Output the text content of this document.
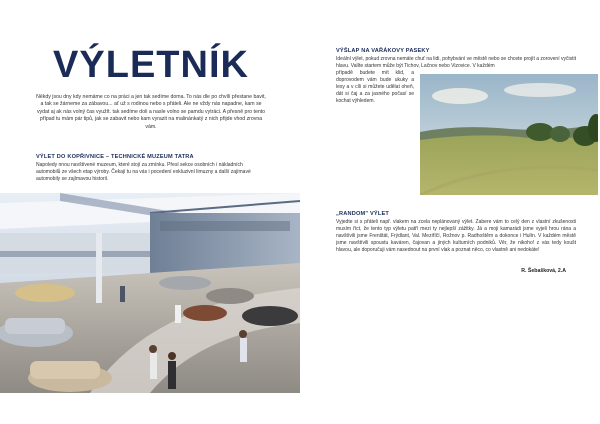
VÝLETNÍK

Někdy jsou dny kdy nemáme co na práci a jen tak sedíme doma. To nás dle po chvíli přestane bavit, a tak se žárneme za zábavou... ať už s rodinou nebo s přáteli. Ale ne vždy nás napadne, kam se vydat aj ak nás volný čas využít. tak sedíme doli a nasle volno se pamdu vytráci. A přesně pro tento případ tu mám pár tipů, jak se zabavit nebo kam vyrazit na malinánkatý z nich přijde vhod zrovna vám.

VÝLET DO KOPŘIVNICE – TECHNICKÉ MUZEUM TATRA

Napoledy nnou navštívené muzeum, které stojí za zmínku. Přesl sekce osobních i nákladních automobilů ze všech etap výroby. Čekají tu na vás i pocedení exkluzivní limuzny a další zajímavé automobily se zajímavou historií.

VÝŠLAP NA VAŘÁKOVY PASEKY

Ideální výlet, pokud zrovna nemáte chuť na lidi, pohybvání ve městě nebo se chcete projít a zorovení vyčistit hlavu. Valíte startem může být Tichov, Lačnov nebo Vizovice. V každém

případě budete mít klid, a doprovodem vám bude ukuky a lesy a v cíli si můžete udělat oheň, dát si čaj a za jasného počasí se kochat výhledem.

„RANDOM" VÝLET

Vyjedte si s přáteli např. vlakem na zcela neplánovaný výlet. Zabere vám to celý den z vlastní zkušenosti musím říct, že tento typ výletu patří mezi ty nejlepší zážitky. Já a moji kamarádi jsme vyjeli hrou rána a navštívili jsme Frenštát, Frýdlant, Val. Meziříčí, Rožnov p. Radhoštěm a dokonce i Hulín. V každém městě jsme navštívili spoustu kaváren, čajovan a jiných kulturních podniků. Věr, že nikoho! z vás tedy koušt hlavou, ale doporučuji vám nasednout na první vlak a poznat něco, co vlastně ani nedokáte!

R. Šebašková, 2.A
